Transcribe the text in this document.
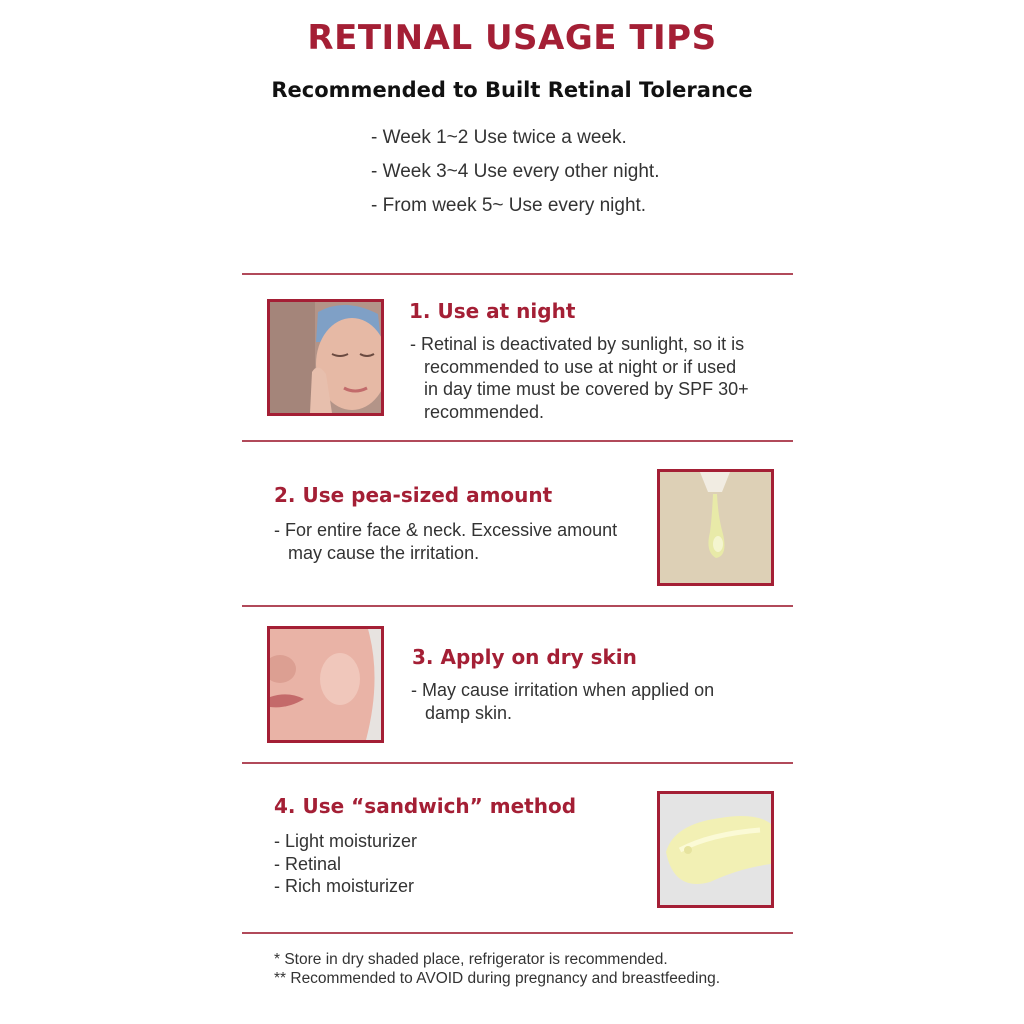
RETINAL USAGE TIPS
Recommended to Built Retinal Tolerance
- Week 1~2 Use twice a week.
- Week 3~4 Use every other night.
- From week 5~ Use every night.
1. Use at night
- Retinal is deactivated by sunlight, so it is
recommended to use at night or if used
in day time must be covered by SPF 30+
recommended.
2. Use pea-sized amount
- For entire face & neck. Excessive amount
may cause the irritation.
3. Apply on dry skin
- May cause irritation when applied on
damp skin.
4. Use “sandwich” method
- Light moisturizer
- Retinal
- Rich moisturizer
* Store in dry shaded place, refrigerator is recommended.
** Recommended to AVOID during pregnancy and breastfeeding.
